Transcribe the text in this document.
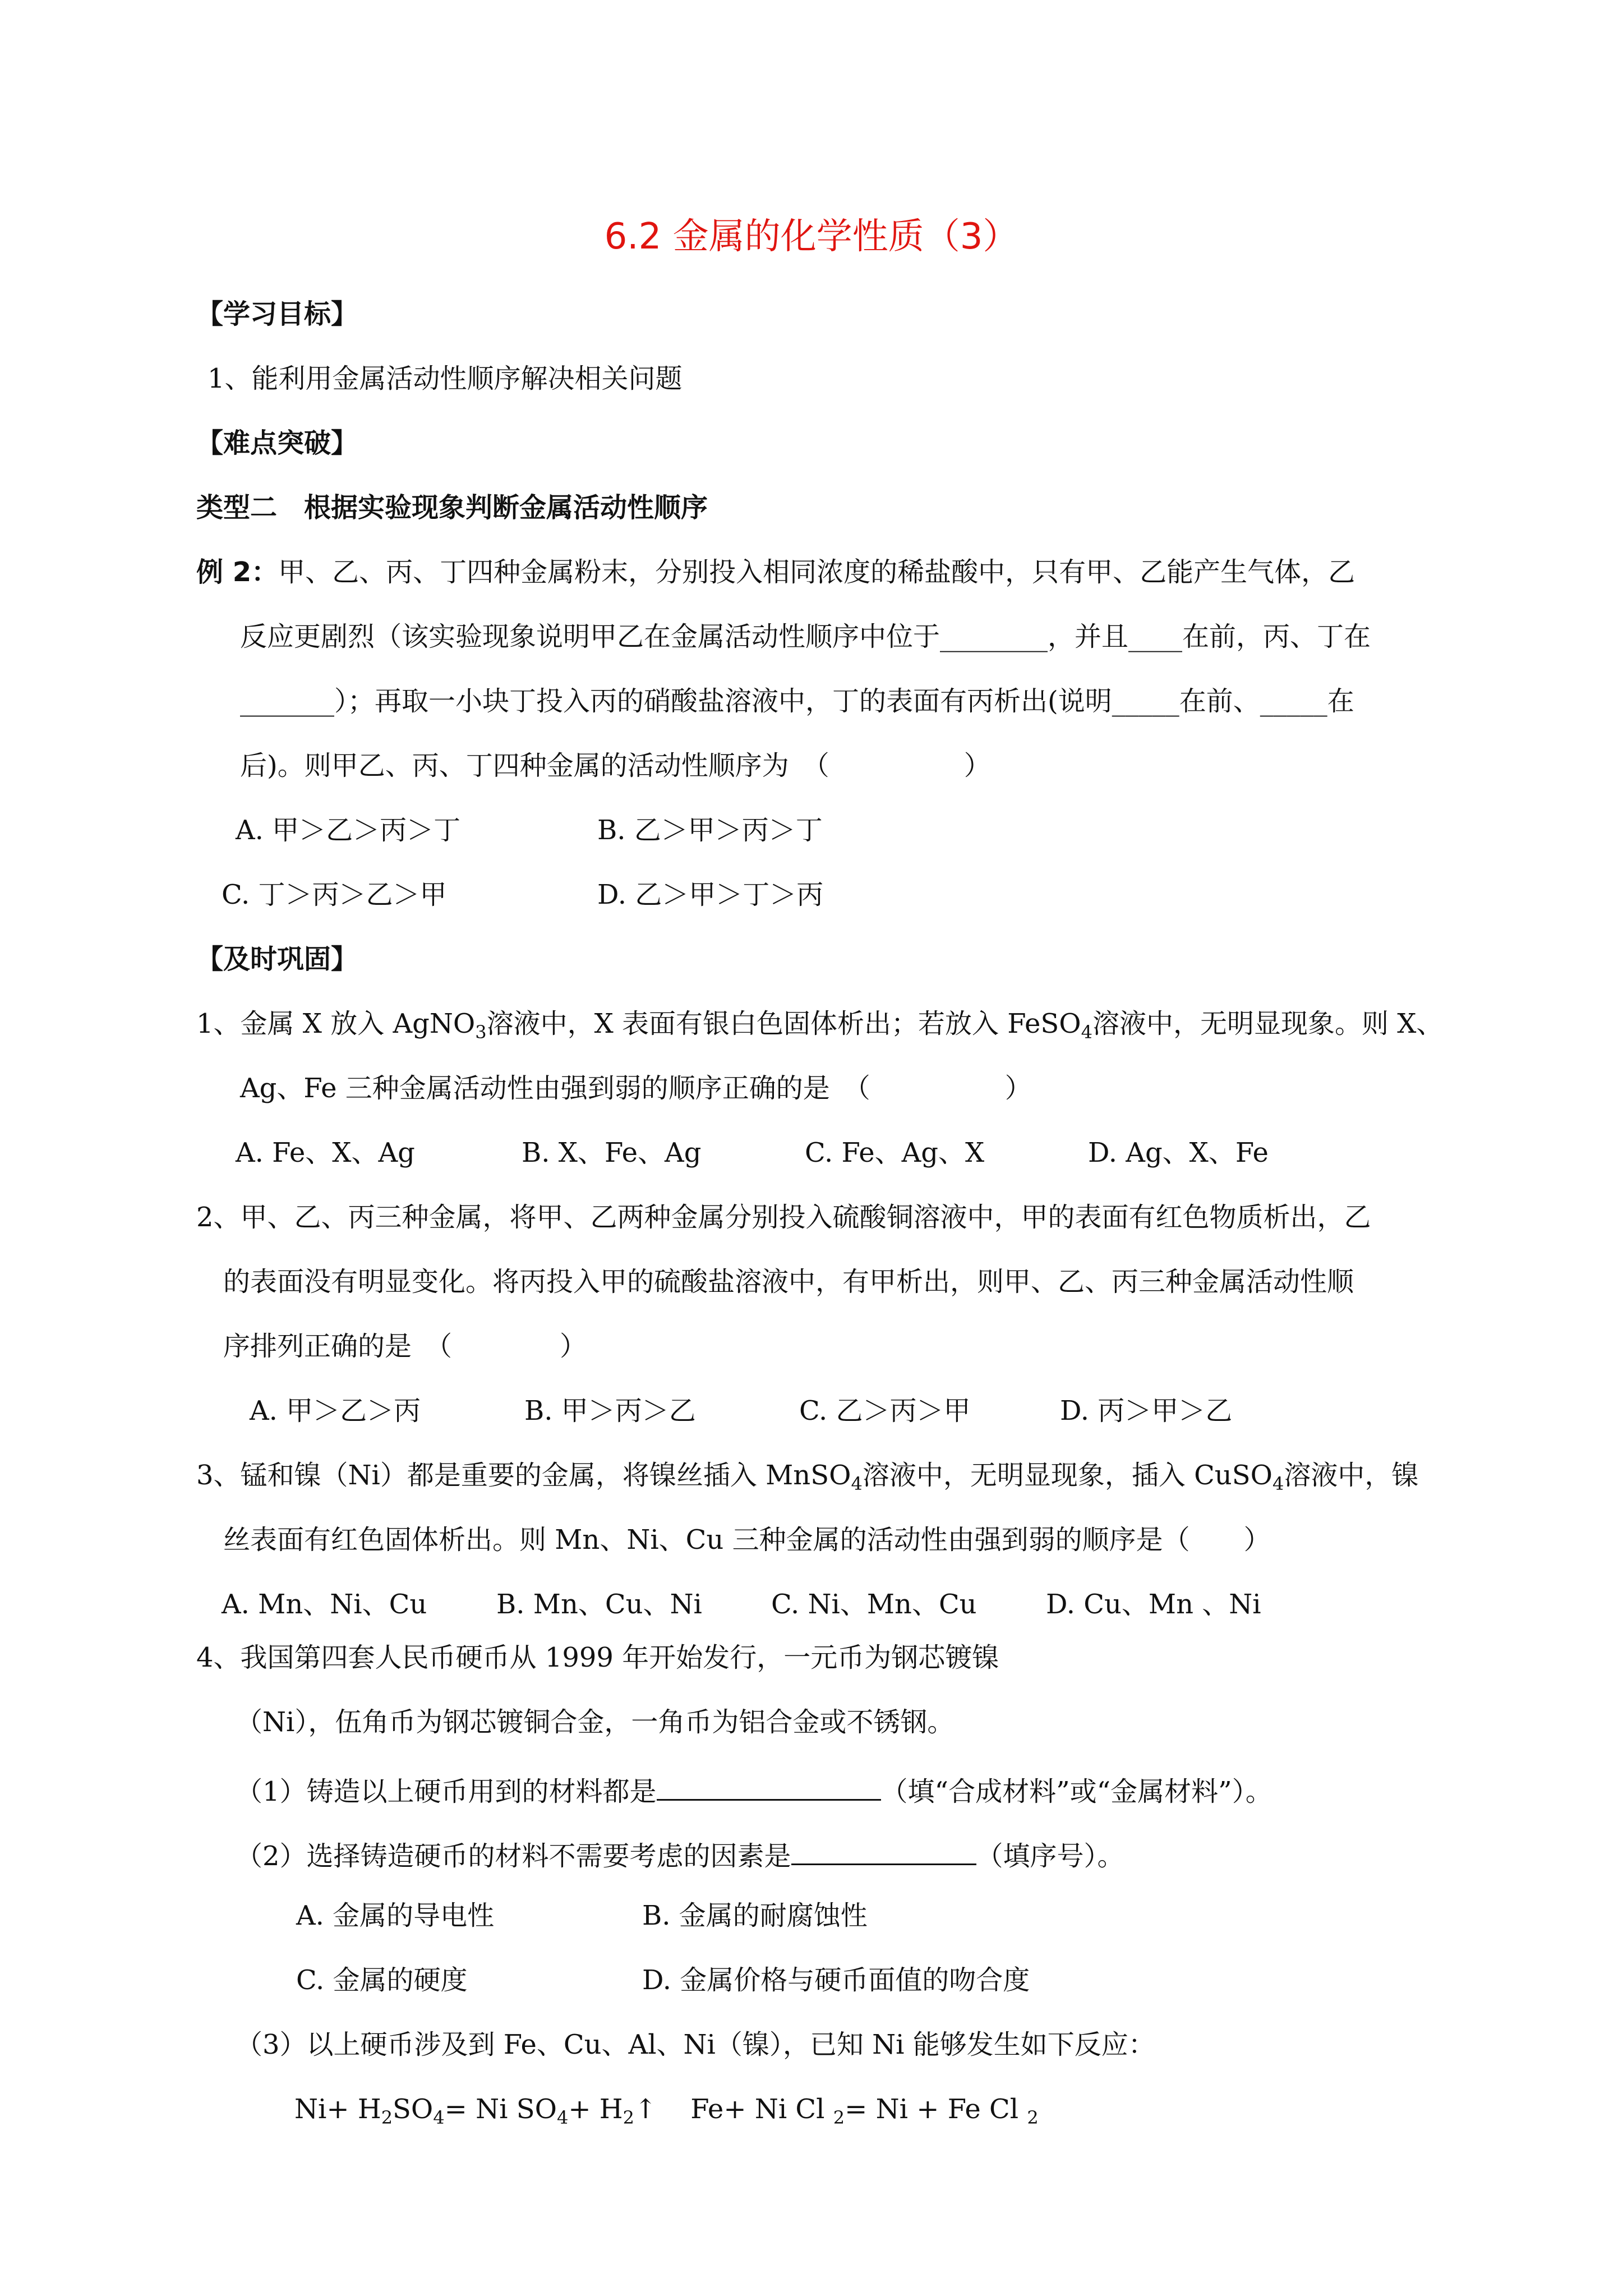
6.2 金属的化学性质（3）
【学习目标】
1、能利用金属活动性顺序解决相关问题
【难点突破】
类型二　根据实验现象判断金属活动性顺序
例 2：甲、乙、丙、丁四种金属粉末，分别投入相同浓度的稀盐酸中，只有甲、乙能产生气体，乙
反应更剧烈（该实验现象说明甲乙在金属活动性顺序中位于________，并且____在前，丙、丁在
_______）；再取一小块丁投入丙的硝酸盐溶液中，丁的表面有丙析出(说明_____在前、_____在
后)。则甲乙、丙、丁四种金属的活动性顺序为　（　　　　　）
A. 甲＞乙＞丙＞丁	B. 乙＞甲＞丙＞丁
C. 丁＞丙＞乙＞甲	D. 乙＞甲＞丁＞丙
【及时巩固】
1、金属 X 放入 AgNO$_3$溶液中，X 表面有银白色固体析出；若放入 FeSO$_4$溶液中，无明显现象。则 X、
Ag、Fe 三种金属活动性由强到弱的顺序正确的是　（　　　　　）
A. Fe、X、Ag	B. X、Fe、Ag	C. Fe、Ag、X	D. Ag、X、Fe
2、甲、乙、丙三种金属，将甲、乙两种金属分别投入硫酸铜溶液中，甲的表面有红色物质析出，乙
的表面没有明显变化。将丙投入甲的硫酸盐溶液中，有甲析出，则甲、乙、丙三种金属活动性顺
序排列正确的是　（　　　　）
A. 甲＞乙＞丙	B. 甲＞丙＞乙	C. 乙＞丙＞甲	D. 丙＞甲＞乙
3、锰和镍（Ni）都是重要的金属，将镍丝插入 MnSO$_4$溶液中，无明显现象，插入 CuSO$_4$溶液中，镍
丝表面有红色固体析出。则 Mn、Ni、Cu 三种金属的活动性由强到弱的顺序是（　　）
A. Mn、Ni、Cu	B. Mn、Cu、Ni	C. Ni、Mn、Cu	D. Cu、Mn 、Ni
4、我国第四套人民币硬币从 1999 年开始发行，一元币为钢芯镀镍
（Ni），伍角币为钢芯镀铜合金，一角币为铝合金或不锈钢。
（1）铸造以上硬币用到的材料都是	（填“合成材料”或“金属材料”）。
（2）选择铸造硬币的材料不需要考虑的因素是	（填序号）。
A. 金属的导电性	B. 金属的耐腐蚀性
C. 金属的硬度	D. 金属价格与硬币面值的吻合度
（3）以上硬币涉及到 Fe、Cu、Al、Ni（镍），已知 Ni 能够发生如下反应：
$Ni+ H_2SO_4= Ni$ $SO_4+$ $H_2↑$ Fe+ Ni Cl $_2$= Ni + Fe Cl $_2$
